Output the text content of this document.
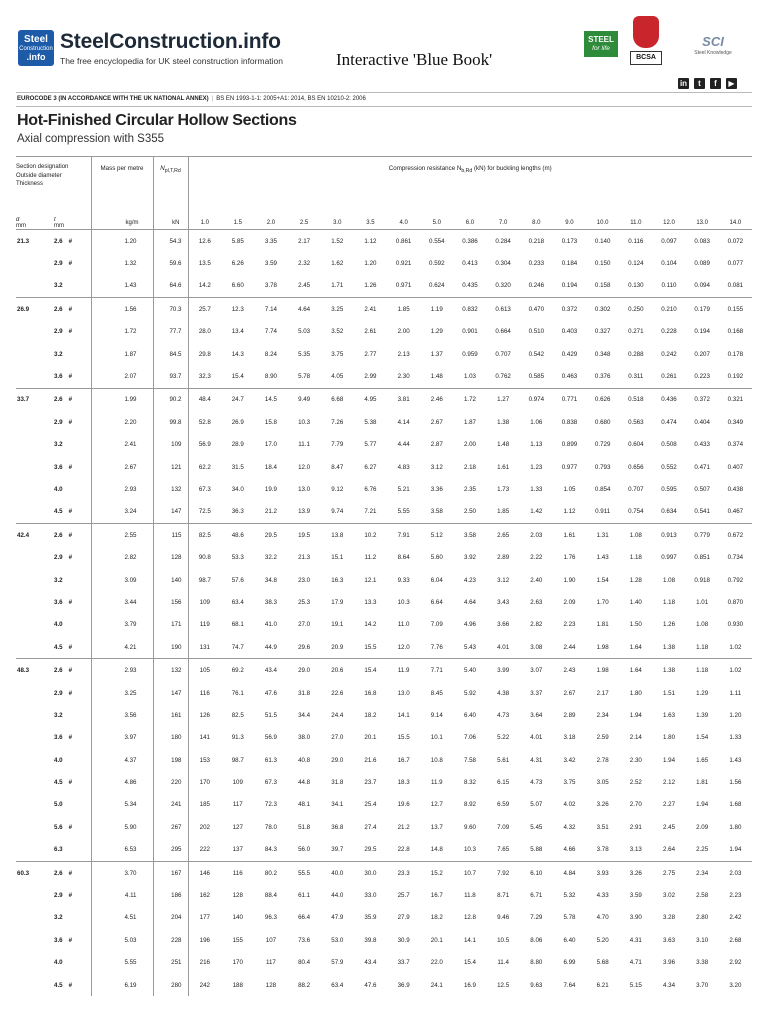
Steel
Construction
.info
SteelConstruction.info
The free encyclopedia for UK steel construction information	Interactive 'Blue Book'
STEEL
for life
BCSA
SCI
Steel Knowledge
in	t	f	▶
EUROCODE 3 (IN ACCORDANCE WITH THE UK NATIONAL ANNEX) | BS EN 1993-1-1: 2005+A1: 2014, BS EN 10210-2: 2006
Hot-Finished Circular Hollow Sections
Axial compression with S355
Section designation
Outside diameter
Thickness		Mass per metre	$N_{pl,T,Rd}$	Compression resistance $N_{b,Rd}$ (kN) for buckling lengths (m)																
d
mm	t
mm	kg/m	kN	1.0	1.5	2.0	2.5	3.0	3.5	4.0	5.0	6.0	7.0	8.0	9.0	10.0	11.0	12.0	13.0	14.0
21.3	2.6 #	1.20	54.3	12.6	5.85	3.35	2.17	1.52	1.12	0.861	0.554	0.386	0.284	0.218	0.173	0.140	0.116	0.097	0.083	0.072
	2.9 #	1.32	59.6	13.5	6.26	3.59	2.32	1.62	1.20	0.921	0.592	0.413	0.304	0.233	0.184	0.150	0.124	0.104	0.089	0.077
	3.2	1.43	64.6	14.2	6.60	3.78	2.45	1.71	1.26	0.971	0.624	0.435	0.320	0.246	0.194	0.158	0.130	0.110	0.094	0.081
26.9	2.6 #	1.56	70.3	25.7	12.3	7.14	4.64	3.25	2.41	1.85	1.19	0.832	0.613	0.470	0.372	0.302	0.250	0.210	0.179	0.155
	2.9 #	1.72	77.7	28.0	13.4	7.74	5.03	3.52	2.61	2.00	1.29	0.901	0.664	0.510	0.403	0.327	0.271	0.228	0.194	0.168
	3.2	1.87	84.5	29.8	14.3	8.24	5.35	3.75	2.77	2.13	1.37	0.959	0.707	0.542	0.429	0.348	0.288	0.242	0.207	0.178
	3.6 #	2.07	93.7	32.3	15.4	8.90	5.78	4.05	2.99	2.30	1.48	1.03	0.762	0.585	0.463	0.376	0.311	0.261	0.223	0.192
33.7	2.6 #	1.99	90.2	48.4	24.7	14.5	9.49	6.68	4.95	3.81	2.46	1.72	1.27	0.974	0.771	0.626	0.518	0.436	0.372	0.321
	2.9 #	2.20	99.8	52.8	26.9	15.8	10.3	7.26	5.38	4.14	2.67	1.87	1.38	1.06	0.838	0.680	0.563	0.474	0.404	0.349
	3.2	2.41	109	56.9	28.9	17.0	11.1	7.79	5.77	4.44	2.87	2.00	1.48	1.13	0.899	0.729	0.604	0.508	0.433	0.374
	3.6 #	2.67	121	62.2	31.5	18.4	12.0	8.47	6.27	4.83	3.12	2.18	1.61	1.23	0.977	0.793	0.656	0.552	0.471	0.407
	4.0	2.93	132	67.3	34.0	19.9	13.0	9.12	6.76	5.21	3.36	2.35	1.73	1.33	1.05	0.854	0.707	0.595	0.507	0.438
	4.5 #	3.24	147	72.5	36.3	21.2	13.9	9.74	7.21	5.55	3.58	2.50	1.85	1.42	1.12	0.911	0.754	0.634	0.541	0.467
42.4	2.6 #	2.55	115	82.5	48.6	29.5	19.5	13.8	10.2	7.91	5.12	3.58	2.65	2.03	1.61	1.31	1.08	0.913	0.779	0.672
	2.9 #	2.82	128	90.8	53.3	32.2	21.3	15.1	11.2	8.64	5.60	3.92	2.89	2.22	1.76	1.43	1.18	0.997	0.851	0.734
	3.2	3.09	140	98.7	57.6	34.8	23.0	16.3	12.1	9.33	6.04	4.23	3.12	2.40	1.90	1.54	1.28	1.08	0.918	0.792
	3.6 #	3.44	156	109	63.4	38.3	25.3	17.9	13.3	10.3	6.64	4.64	3.43	2.63	2.09	1.70	1.40	1.18	1.01	0.870
	4.0	3.79	171	119	68.1	41.0	27.0	19.1	14.2	11.0	7.09	4.96	3.66	2.82	2.23	1.81	1.50	1.26	1.08	0.930
	4.5 #	4.21	190	131	74.7	44.9	29.6	20.9	15.5	12.0	7.76	5.43	4.01	3.08	2.44	1.98	1.64	1.38	1.18	1.02
48.3	2.6 #	2.93	132	105	69.2	43.4	29.0	20.6	15.4	11.9	7.71	5.40	3.99	3.07	2.43	1.98	1.64	1.38	1.18	1.02
	2.9 #	3.25	147	116	76.1	47.6	31.8	22.6	16.8	13.0	8.45	5.92	4.38	3.37	2.67	2.17	1.80	1.51	1.29	1.11
	3.2	3.56	161	126	82.5	51.5	34.4	24.4	18.2	14.1	9.14	6.40	4.73	3.64	2.89	2.34	1.94	1.63	1.39	1.20
	3.6 #	3.97	180	141	91.3	56.9	38.0	27.0	20.1	15.5	10.1	7.06	5.22	4.01	3.18	2.59	2.14	1.80	1.54	1.33
	4.0	4.37	198	153	98.7	61.3	40.8	29.0	21.6	16.7	10.8	7.58	5.61	4.31	3.42	2.78	2.30	1.94	1.65	1.43
	4.5 #	4.86	220	170	109	67.3	44.8	31.8	23.7	18.3	11.9	8.32	6.15	4.73	3.75	3.05	2.52	2.12	1.81	1.56
	5.0	5.34	241	185	117	72.3	48.1	34.1	25.4	19.6	12.7	8.92	6.59	5.07	4.02	3.26	2.70	2.27	1.94	1.68
	5.6 #	5.90	267	202	127	78.0	51.8	36.8	27.4	21.2	13.7	9.60	7.09	5.45	4.32	3.51	2.91	2.45	2.09	1.80
	6.3	6.53	295	222	137	84.3	56.0	39.7	29.5	22.8	14.8	10.3	7.65	5.88	4.66	3.78	3.13	2.64	2.25	1.94
60.3	2.6 #	3.70	167	146	116	80.2	55.5	40.0	30.0	23.3	15.2	10.7	7.92	6.10	4.84	3.93	3.26	2.75	2.34	2.03
	2.9 #	4.11	186	162	128	88.4	61.1	44.0	33.0	25.7	16.7	11.8	8.71	6.71	5.32	4.33	3.59	3.02	2.58	2.23
	3.2	4.51	204	177	140	96.3	66.4	47.9	35.9	27.9	18.2	12.8	9.46	7.29	5.78	4.70	3.90	3.28	2.80	2.42
	3.6 #	5.03	228	196	155	107	73.6	53.0	39.8	30.9	20.1	14.1	10.5	8.06	6.40	5.20	4.31	3.63	3.10	2.68
	4.0	5.55	251	216	170	117	80.4	57.9	43.4	33.7	22.0	15.4	11.4	8.80	6.99	5.68	4.71	3.96	3.38	2.92
	4.5 #	6.19	280	242	188	128	88.2	63.4	47.6	36.9	24.1	16.9	12.5	9.63	7.64	6.21	5.15	4.34	3.70	3.20
